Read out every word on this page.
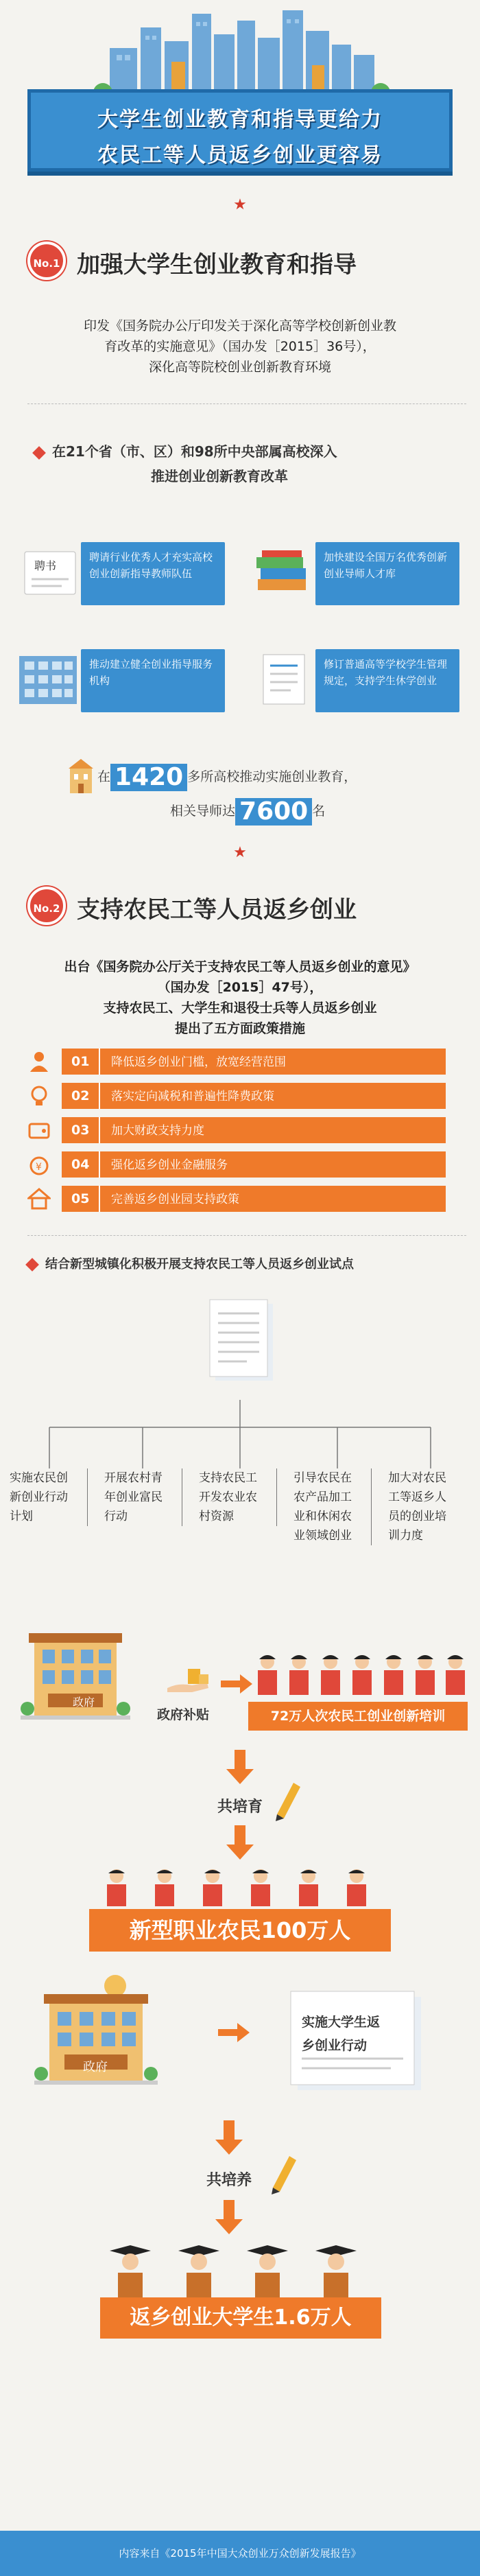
大学生创业教育和指导更给力
农民工等人员返乡创业更容易
★
No.1 加强大学生创业教育和指导
印发《国务院办公厅印发关于深化高等学校创新创业教
育改革的实施意见》（国办发［2015］36号），
深化高等院校创业创新教育环境
在21个省（市、区）和98所中央部属高校深入
推进创业创新教育改革
聘书
聘请行业优秀人才充实高校创业创新指导教师队伍
加快建设全国万名优秀创新创业导师人才库
推动建立健全创业指导服务机构
修订普通高等学校学生管理规定，支持学生休学创业
在 1420 多所高校推动实施创业教育，
相关导师达 7600 名
★
No.2 支持农民工等人员返乡创业
出台《国务院办公厅关于支持农民工等人员返乡创业的意见》
（国办发［2015］47号），
支持农民工、大学生和退役士兵等人员返乡创业
提出了五方面政策措施
01 降低返乡创业门槛，放宽经营范围
02 落实定向减税和普遍性降费政策
03 加大财政支持力度
¥	04 强化返乡创业金融服务
05 完善返乡创业园支持政策
结合新型城镇化积极开展支持农民工等人员返乡创业试点
实施农民创
新创业行动
计划
开展农村青
年创业富民
行动
支持农民工
开发农业农
村资源
引导农民在
农产品加工
业和休闲农
业领域创业
加大对农民
工等返乡人
员的创业培
训力度
政府
政府补贴	72万人次农民工创业创新培训
共培育
新型职业农民100万人
政府
实施大学生返
乡创业行动
共培养
返乡创业大学生1.6万人
内容来自《2015年中国大众创业万众创新发展报告》
